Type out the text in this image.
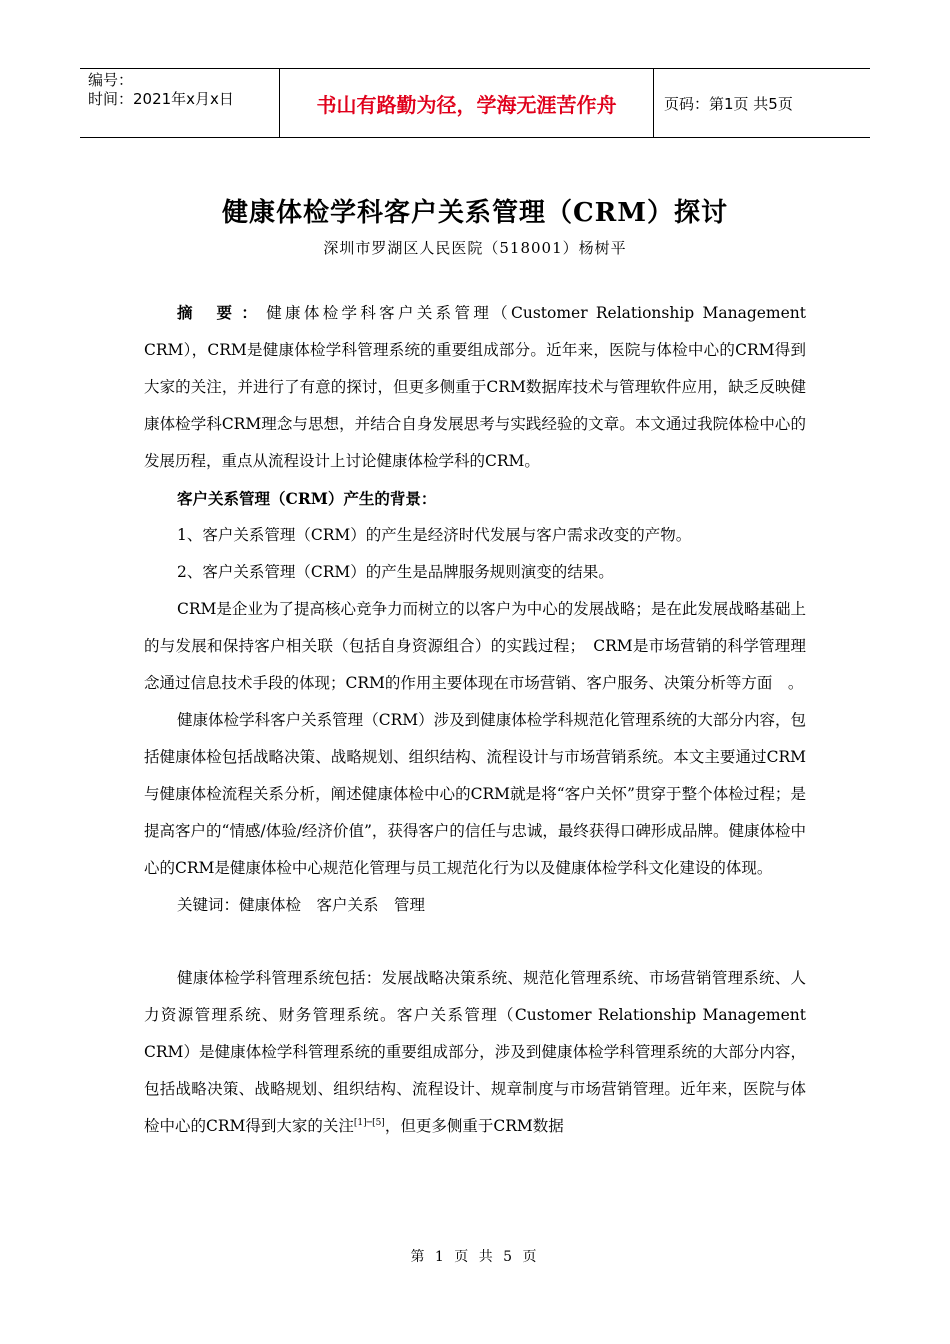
编号：
时间：2021年x月x日	书山有路勤为径，学海无涯苦作舟	页码：第1页 共5页
健康体检学科客户关系管理（CRM）探讨
深圳市罗湖区人民医院（518001）杨树平

摘 要：健康体检学科客户关系管理（Customer Relationship Management CRM），CRM是健康体检学科管理系统的重要组成部分。近年来，医院与体检中心的CRM得到大家的关注，并进行了有意的探讨，但更多侧重于CRM数据库技术与管理软件应用，缺乏反映健康体检学科CRM理念与思想，并结合自身发展思考与实践经验的文章。本文通过我院体检中心的发展历程，重点从流程设计上讨论健康体检学科的CRM。

客户关系管理（CRM）产生的背景：

1、客户关系管理（CRM）的产生是经济时代发展与客户需求改变的产物。

2、客户关系管理（CRM）的产生是品牌服务规则演变的结果。

CRM是企业为了提高核心竞争力而树立的以客户为中心的发展战略；是在此发展战略基础上的与发展和保持客户相关联（包括自身资源组合）的实践过程；　CRM是市场营销的科学管理理念通过信息技术手段的体现；CRM的作用主要体现在市场营销、客户服务、决策分析等方面　。

健康体检学科客户关系管理（CRM）涉及到健康体检学科规范化管理系统的大部分内容，包括健康体检包括战略决策、战略规划、组织结构、流程设计与市场营销系统。本文主要通过CRM与健康体检流程关系分析，阐述健康体检中心的CRM就是将“客户关怀”贯穿于整个体检过程；是提高客户的“情感/体验/经济价值”，获得客户的信任与忠诚，最终获得口碑形成品牌。健康体检中心的CRM是健康体检中心规范化管理与员工规范化行为以及健康体检学科文化建设的体现。

关键词：健康体检　客户关系　管理

健康体检学科管理系统包括：发展战略决策系统、规范化管理系统、市场营销管理系统、人力资源管理系统、财务管理系统。客户关系管理（Customer Relationship Management CRM）是健康体检学科管理系统的重要组成部分，涉及到健康体检学科管理系统的大部分内容，包括战略决策、战略规划、组织结构、流程设计、规章制度与市场营销管理。近年来，医院与体检中心的CRM得到大家的关注[1]─[5]，但更多侧重于CRM数据

第 1 页 共 5 页
